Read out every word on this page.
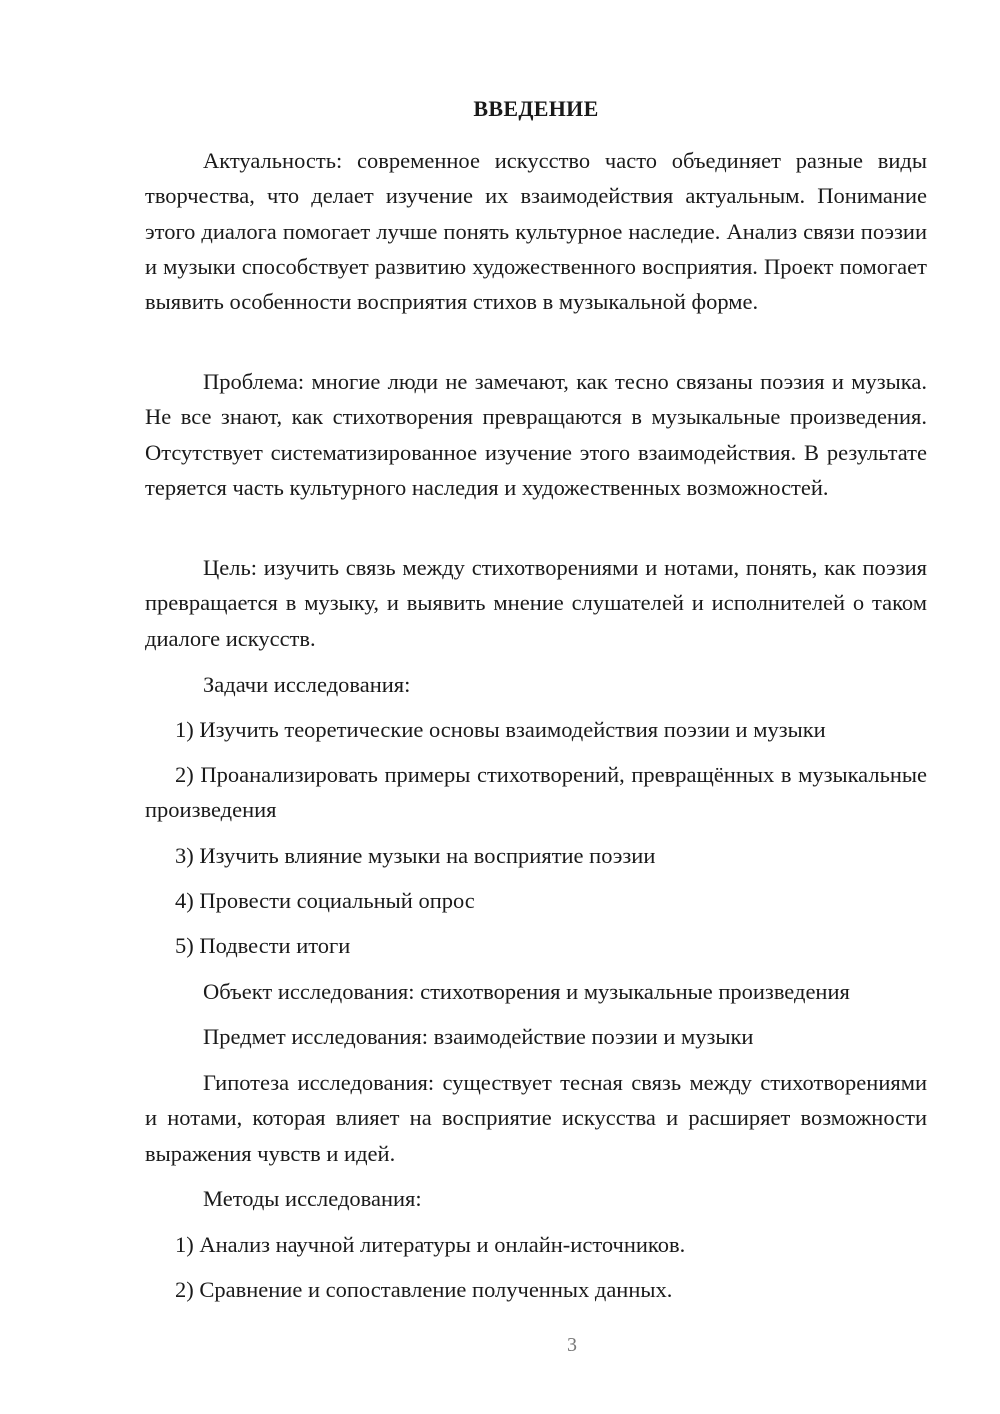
ВВЕДЕНИЕ

Актуальность: современное искусство часто объединяет разные виды творчества, что делает изучение их взаимодействия актуальным. Понимание этого диалога помогает лучше понять культурное наследие. Анализ связи поэзии и музыки способствует развитию художественного восприятия. Проект помогает выявить особенности восприятия стихов в музыкальной форме.

Проблема: многие люди не замечают, как тесно связаны поэзия и музыка. Не все знают, как стихотворения превращаются в музыкальные произведения. Отсутствует систематизированное изучение этого взаимодействия. В результате теряется часть культурного наследия и художественных возможностей.

Цель: изучить связь между стихотворениями и нотами, понять, как поэзия превращается в музыку, и выявить мнение слушателей и исполнителей о таком диалоге искусств.

Задачи исследования:

1) Изучить теоретические основы взаимодействия поэзии и музыки

2) Проанализировать примеры стихотворений, превращённых в музыкальные произведения

3) Изучить влияние музыки на восприятие поэзии

4) Провести социальный опрос

5) Подвести итоги

Объект исследования: стихотворения и музыкальные произведения

Предмет исследования: взаимодействие поэзии и музыки

Гипотеза исследования: существует тесная связь между стихотворениями и нотами, которая влияет на восприятие искусства и расширяет возможности выражения чувств и идей.

Методы исследования:

1) Анализ научной литературы и онлайн-источников.

2) Сравнение и сопоставление полученных данных.

3
